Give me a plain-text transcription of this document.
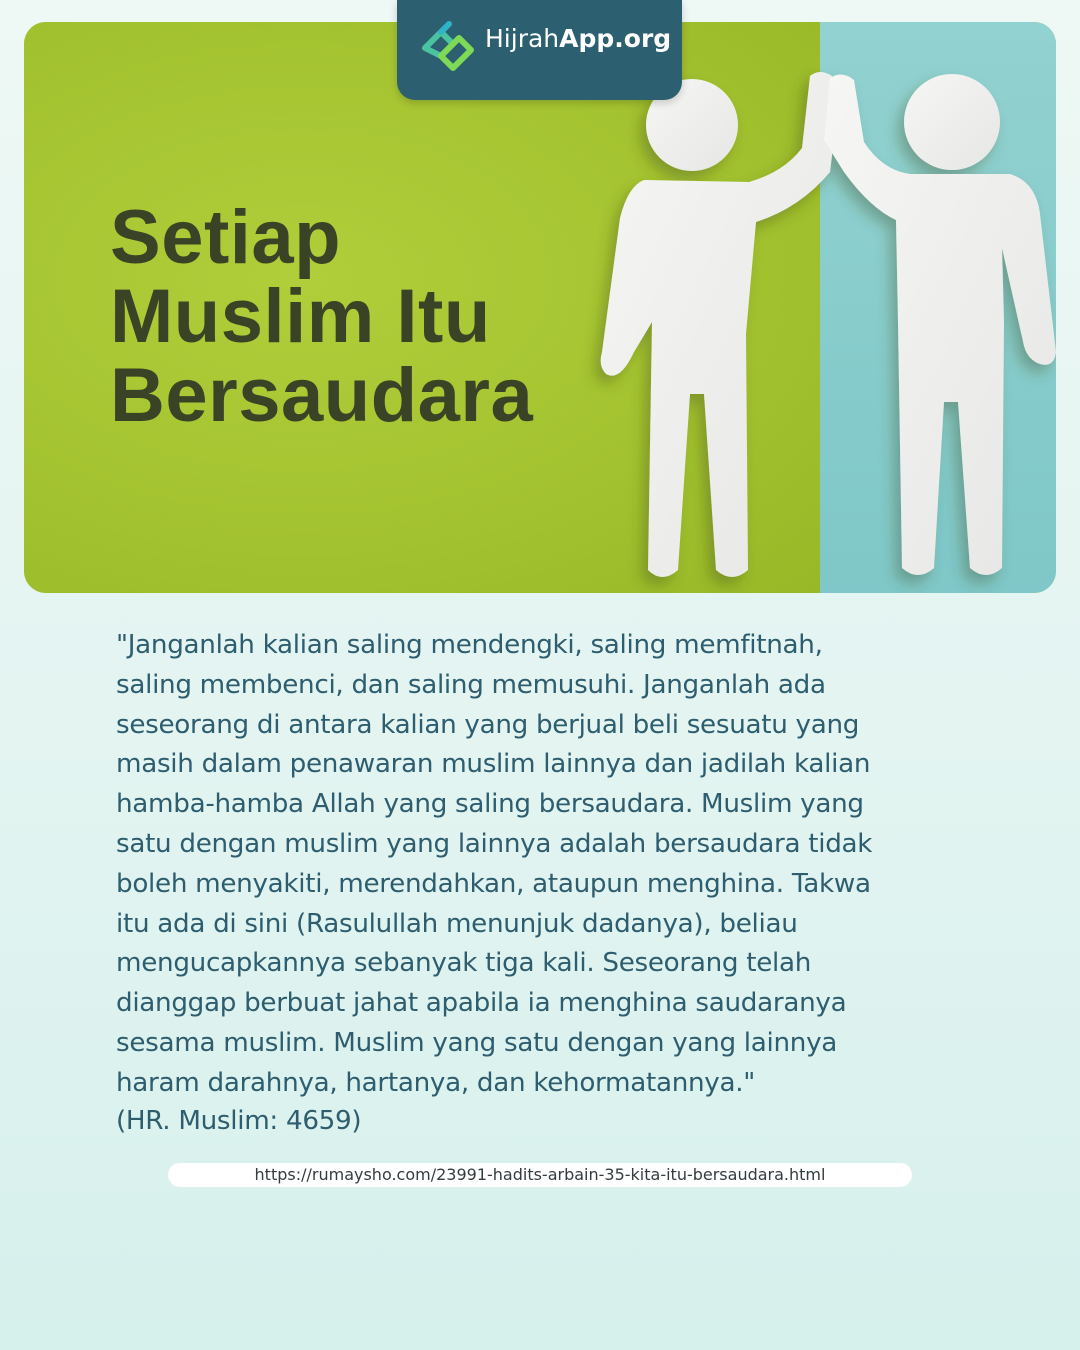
Setiap
Muslim Itu
Bersaudara
HijrahApp.org

"Janganlah kalian saling mendengki, saling memfitnah,
saling membenci, dan saling memusuhi. Janganlah ada
seseorang di antara kalian yang berjual beli sesuatu yang
masih dalam penawaran muslim lainnya dan jadilah kalian
hamba-hamba Allah yang saling bersaudara. Muslim yang
satu dengan muslim yang lainnya adalah bersaudara tidak
boleh menyakiti, merendahkan, ataupun menghina. Takwa
itu ada di sini (Rasulullah menunjuk dadanya), beliau
mengucapkannya sebanyak tiga kali. Seseorang telah
dianggap berbuat jahat apabila ia menghina saudaranya
sesama muslim. Muslim yang satu dengan yang lainnya
haram darahnya, hartanya, dan kehormatannya."

(HR. Muslim: 4659)

https://rumaysho.com/23991-hadits-arbain-35-kita-itu-bersaudara.html
